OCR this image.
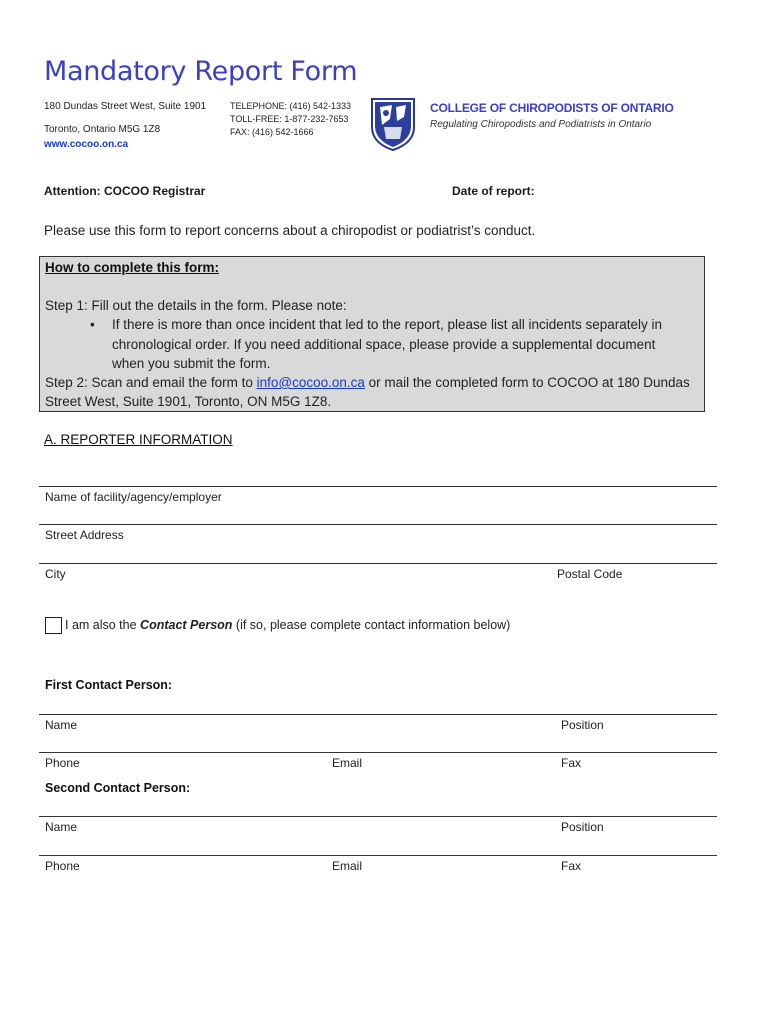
Mandatory Report Form
180 Dundas Street West, Suite 1901
Toronto, Ontario M5G 1Z8
www.cocoo.on.ca
TELEPHONE: (416) 542-1333
TOLL-FREE: 1-877-232-7653
FAX: (416) 542-1666
COLLEGE OF CHIROPODISTS OF ONTARIO
Regulating Chiropodists and Podiatrists in Ontario
Attention: COCOO Registrar	Date of report:
Please use this form to report concerns about a chiropodist or podiatrist’s conduct.
How to complete this form:
Step 1: Fill out the details in the form. Please note:
• If there is more than once incident that led to the report, please list all incidents separately in
chronological order. If you need additional space, please provide a supplemental document
when you submit the form.
Step 2: Scan and email the form to info@cocoo.on.ca or mail the completed form to COCOO at 180 Dundas
Street West, Suite 1901, Toronto, ON M5G 1Z8.
A. REPORTER INFORMATION
Name of facility/agency/employer
Street Address
City	Postal Code
I am also the Contact Person (if so, please complete contact information below)
First Contact Person:
Name	Position
Phone	Email	Fax
Second Contact Person:
Name	Position
Phone	Email	Fax
